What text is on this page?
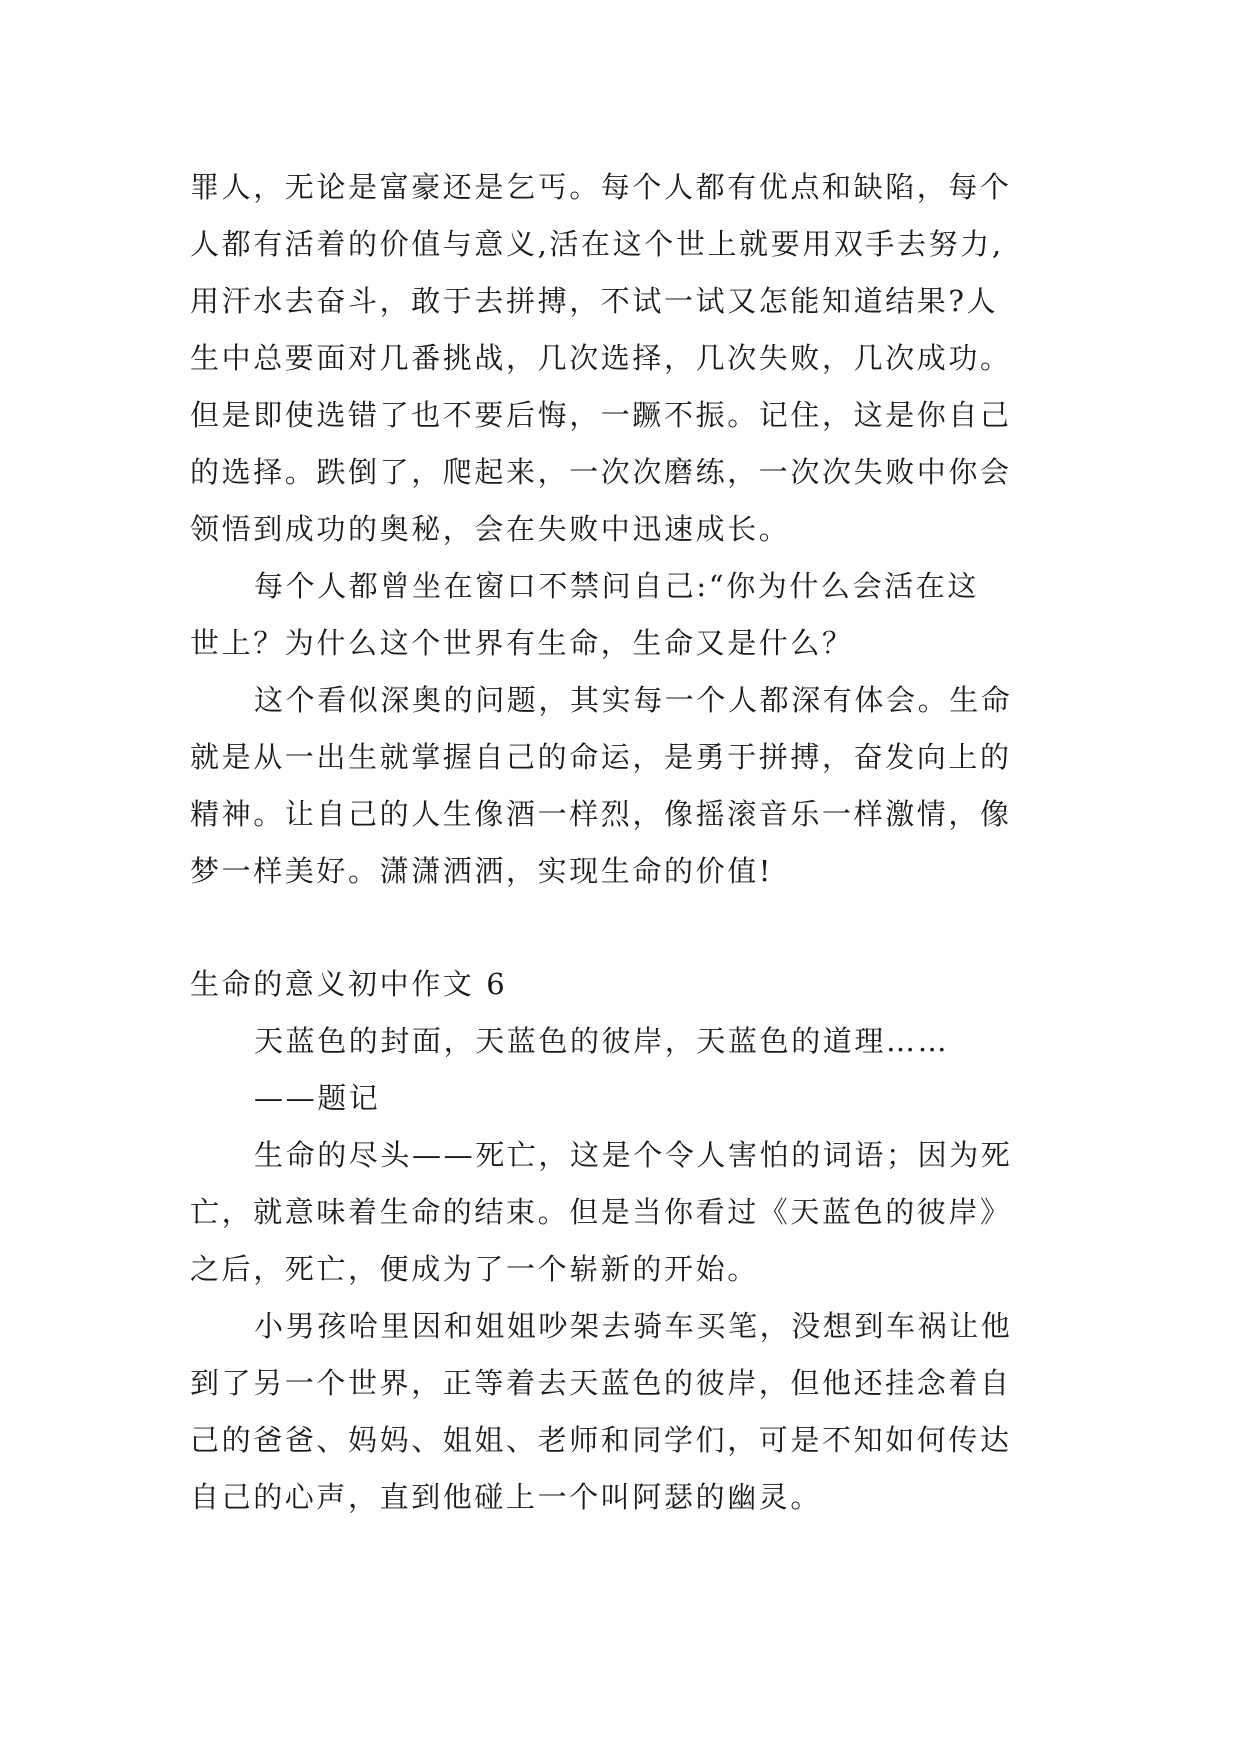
罪人，无论是富豪还是乞丐。每个人都有优点和缺陷，每个
人都有活着的价值与意义,活在这个世上就要用双手去努力,
用汗水去奋斗，敢于去拼搏，不试一试又怎能知道结果?人
生中总要面对几番挑战，几次选择，几次失败，几次成功。
但是即使选错了也不要后悔，一蹶不振。记住，这是你自己
的选择。跌倒了，爬起来，一次次磨练，一次次失败中你会
领悟到成功的奥秘，会在失败中迅速成长。
每个人都曾坐在窗口不禁问自己:“你为什么会活在这
世上？为什么这个世界有生命，生命又是什么？
这个看似深奥的问题，其实每一个人都深有体会。生命
就是从一出生就掌握自己的命运，是勇于拼搏，奋发向上的
精神。让自己的人生像酒一样烈，像摇滚音乐一样激情，像
梦一样美好。潇潇洒洒，实现生命的价值!
生命的意义初中作文 6
天蓝色的封面，天蓝色的彼岸，天蓝色的道理……
——题记
生命的尽头——死亡，这是个令人害怕的词语；因为死
亡，就意味着生命的结束。但是当你看过《天蓝色的彼岸》
之后，死亡，便成为了一个崭新的开始。
小男孩哈里因和姐姐吵架去骑车买笔，没想到车祸让他
到了另一个世界，正等着去天蓝色的彼岸，但他还挂念着自
己的爸爸、妈妈、姐姐、老师和同学们，可是不知如何传达
自己的心声，直到他碰上一个叫阿瑟的幽灵。
